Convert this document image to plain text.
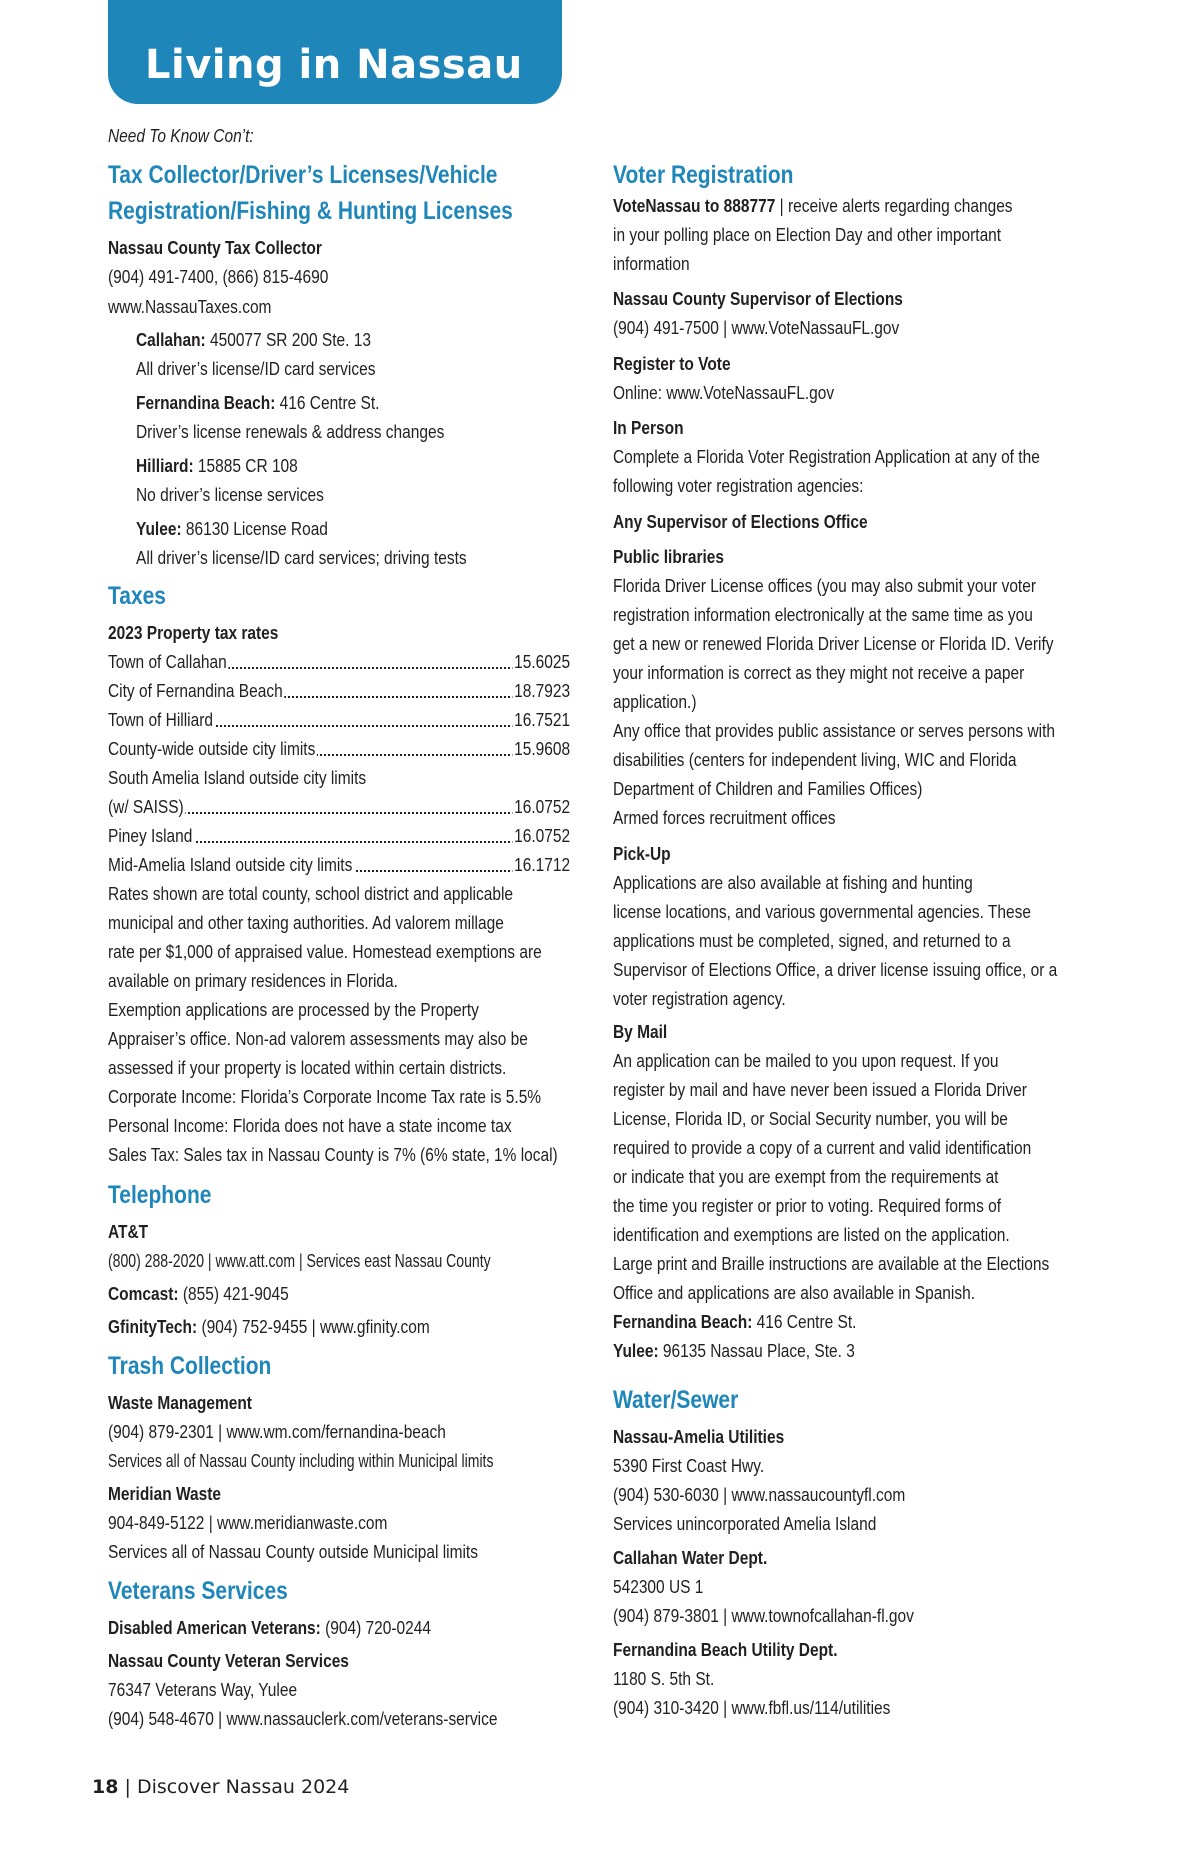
Living in Nassau
Need To Know Con’t:
Tax Collector/Driver’s Licenses/Vehicle
Registration/Fishing & Hunting Licenses
Nassau County Tax Collector
(904) 491-7400, (866) 815-4690
www.NassauTaxes.com
Callahan: 450077 SR 200 Ste. 13
All driver’s license/ID card services
Fernandina Beach: 416 Centre St.
Driver’s license renewals & address changes
Hilliard: 15885 CR 108
No driver’s license services
Yulee: 86130 License Road
All driver’s license/ID card services; driving tests
Taxes
2023 Property tax rates
Town of Callahan	15.6025
City of Fernandina Beach	18.7923
Town of Hilliard	16.7521
County-wide outside city limits	15.9608
South Amelia Island outside city limits
(w/ SAISS)	16.0752
Piney Island	16.0752
Mid-Amelia Island outside city limits	16.1712
Rates shown are total county, school district and applicable
municipal and other taxing authorities. Ad valorem millage
rate per $1,000 of appraised value. Homestead exemptions are
available on primary residences in Florida.
Exemption applications are processed by the Property
Appraiser’s office. Non-ad valorem assessments may also be
assessed if your property is located within certain districts.
Corporate Income: Florida’s Corporate Income Tax rate is 5.5%
Personal Income: Florida does not have a state income tax
Sales Tax: Sales tax in Nassau County is 7% (6% state, 1% local)
Telephone
AT&T
(800) 288-2020 | www.att.com | Services east Nassau County
Comcast: (855) 421-9045
GfinityTech: (904) 752-9455 | www.gfinity.com
Trash Collection
Waste Management
(904) 879-2301 | www.wm.com/fernandina-beach
Services all of Nassau County including within Municipal limits
Meridian Waste
904-849-5122 | www.meridianwaste.com
Services all of Nassau County outside Municipal limits
Veterans Services
Disabled American Veterans: (904) 720-0244
Nassau County Veteran Services
76347 Veterans Way, Yulee
(904) 548-4670 | www.nassauclerk.com/veterans-service
Voter Registration
VoteNassau to 888777 | receive alerts regarding changes
in your polling place on Election Day and other important
information
Nassau County Supervisor of Elections
(904) 491-7500 | www.VoteNassauFL.gov
Register to Vote
Online: www.VoteNassauFL.gov
In Person
Complete a Florida Voter Registration Application at any of the
following voter registration agencies:
Any Supervisor of Elections Office
Public libraries
Florida Driver License offices (you may also submit your voter
registration information electronically at the same time as you
get a new or renewed Florida Driver License or Florida ID. Verify
your information is correct as they might not receive a paper
application.)
Any office that provides public assistance or serves persons with
disabilities (centers for independent living, WIC and Florida
Department of Children and Families Offices)
Armed forces recruitment offices
Pick-Up
Applications are also available at fishing and hunting
license locations, and various governmental agencies. These
applications must be completed, signed, and returned to a
Supervisor of Elections Office, a driver license issuing office, or a
voter registration agency.
By Mail
An application can be mailed to you upon request. If you
register by mail and have never been issued a Florida Driver
License, Florida ID, or Social Security number, you will be
required to provide a copy of a current and valid identification
or indicate that you are exempt from the requirements at
the time you register or prior to voting. Required forms of
identification and exemptions are listed on the application.
Large print and Braille instructions are available at the Elections
Office and applications are also available in Spanish.
Fernandina Beach: 416 Centre St.
Yulee: 96135 Nassau Place, Ste. 3
Water/Sewer
Nassau-Amelia Utilities
5390 First Coast Hwy.
(904) 530-6030 | www.nassaucountyfl.com
Services unincorporated Amelia Island
Callahan Water Dept.
542300 US 1
(904) 879-3801 | www.townofcallahan-fl.gov
Fernandina Beach Utility Dept.
1180 S. 5th St.
(904) 310-3420 | www.fbfl.us/114/utilities
18 | Discover Nassau 2024
